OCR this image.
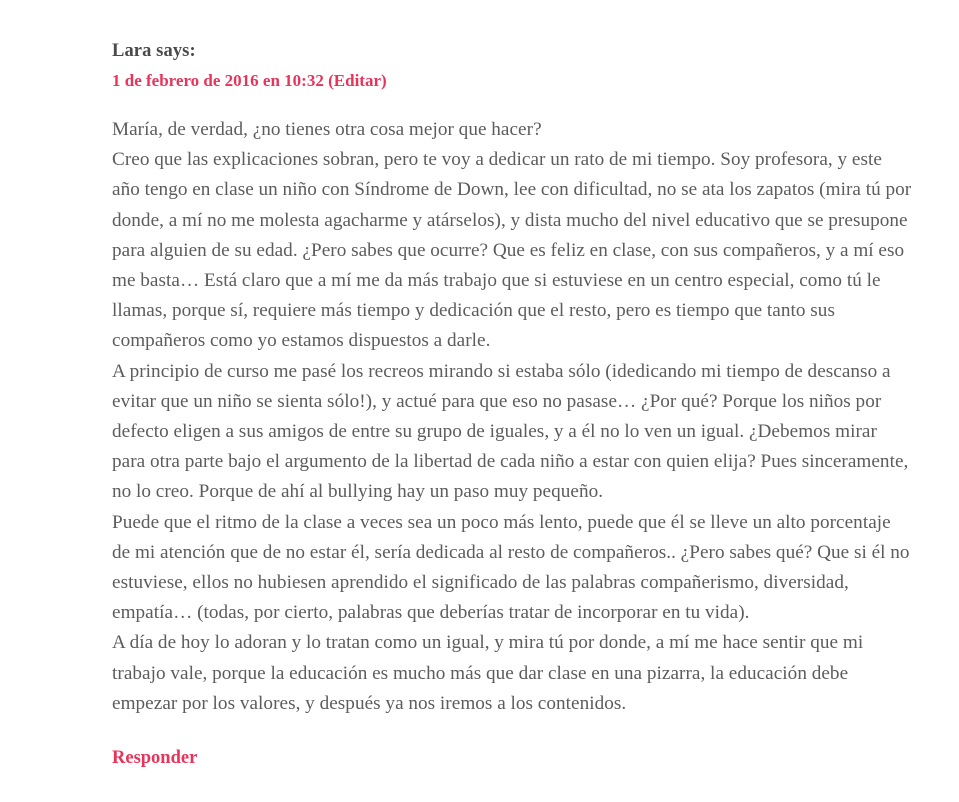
Lara says:
1 de febrero de 2016 en 10:32 (Editar)
María, de verdad, ¿no tienes otra cosa mejor que hacer?
Creo que las explicaciones sobran, pero te voy a dedicar un rato de mi tiempo. Soy profesora, y este año tengo en clase un niño con Síndrome de Down, lee con dificultad, no se ata los zapatos (mira tú por donde, a mí no me molesta agacharme y atárselos), y dista mucho del nivel educativo que se presupone para alguien de su edad. ¿Pero sabes que ocurre? Que es feliz en clase, con sus compañeros, y a mí eso me basta… Está claro que a mí me da más trabajo que si estuviese en un centro especial, como tú le llamas, porque sí, requiere más tiempo y dedicación que el resto, pero es tiempo que tanto sus compañeros como yo estamos dispuestos a darle.
A principio de curso me pasé los recreos mirando si estaba sólo (idedicando mi tiempo de descanso a evitar que un niño se sienta sólo!), y actué para que eso no pasase… ¿Por qué? Porque los niños por defecto eligen a sus amigos de entre su grupo de iguales, y a él no lo ven un igual. ¿Debemos mirar para otra parte bajo el argumento de la libertad de cada niño a estar con quien elija? Pues sinceramente, no lo creo. Porque de ahí al bullying hay un paso muy pequeño.
Puede que el ritmo de la clase a veces sea un poco más lento, puede que él se lleve un alto porcentaje de mi atención que de no estar él, sería dedicada al resto de compañeros.. ¿Pero sabes qué? Que si él no estuviese, ellos no hubiesen aprendido el significado de las palabras compañerismo, diversidad, empatía… (todas, por cierto, palabras que deberías tratar de incorporar en tu vida).
A día de hoy lo adoran y lo tratan como un igual, y mira tú por donde, a mí me hace sentir que mi trabajo vale, porque la educación es mucho más que dar clase en una pizarra, la educación debe empezar por los valores, y después ya nos iremos a los contenidos.
Responder
